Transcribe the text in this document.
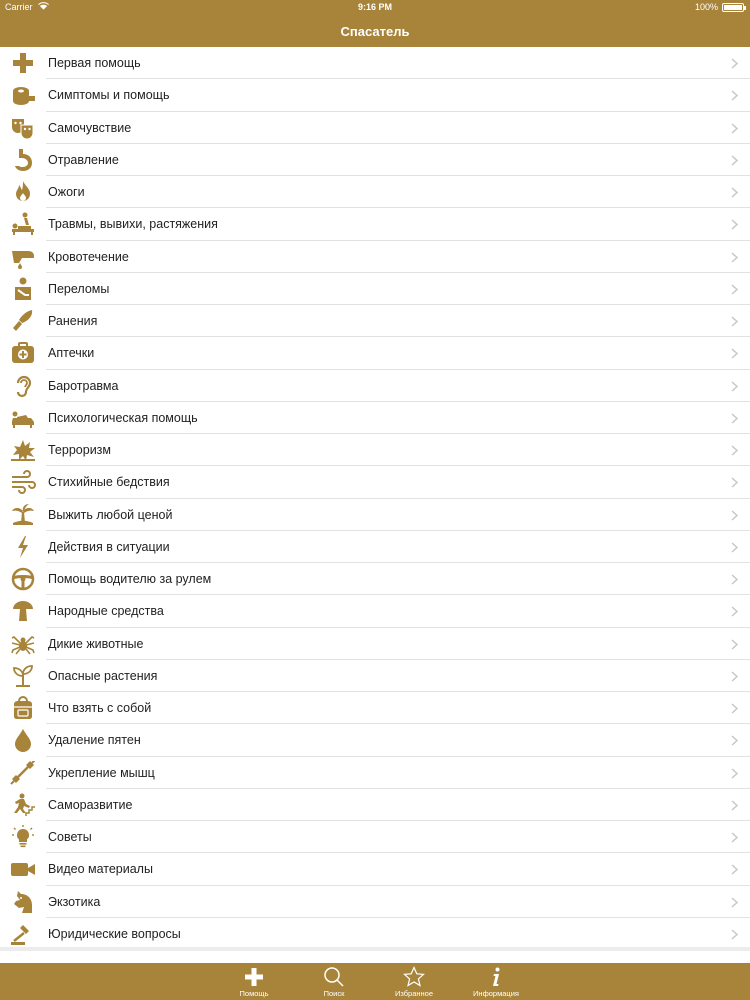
Carrier	9:16 PM	100%
Спасатель
Первая помощь
Симптомы и помощь
Самочувствие
Отравление
Ожоги
Травмы, вывихи, растяжения
Кровотечение
Переломы
Ранения
Аптечки
Баротравма
Психологическая помощь
Терроризм
Стихийные бедствия
Выжить любой ценой
Действия в ситуации
Помощь водителю за рулем
Народные средства
Дикие животные
Опасные растения
Что взять с собой
Удаление пятен
Укрепление мышц
Саморазвитие
Советы
Видео материалы
Экзотика
Юридические вопросы
Помощь	Поиск	Избранное	Информация
